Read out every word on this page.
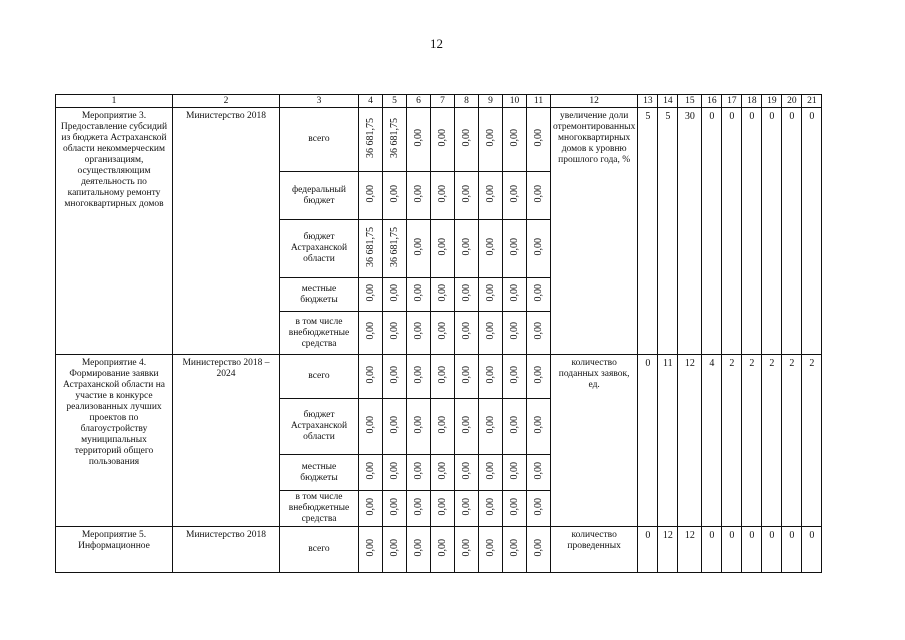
12
1	2	3	4	5	6	7	8	9	10	11	12	13	14	15	16	17	18	19	20	21
Мероприятие 3. Предоставление субсидий из бюджета Астраханской области некоммерческим организациям, осуществляющим деятельность по капитальному ремонту многоквартирных домов	Министерство 2018	всего	36 681,75	36 681,75	0,00	0,00	0,00	0,00	0,00	0,00	увеличение доли отремонтированных многоквартирных домов к уровню прошлого года, %	5	5	30	0	0	0	0	0	0
		федеральный бюджет	0,00	0,00	0,00	0,00	0,00	0,00	0,00	0,00										
		бюджет Астраханской области	36 681,75	36 681,75	0,00	0,00	0,00	0,00	0,00	0,00										
		местные бюджеты	0,00	0,00	0,00	0,00	0,00	0,00	0,00	0,00										
		в том числе внебюджетные средства	0,00	0,00	0,00	0,00	0,00	0,00	0,00	0,00										
Мероприятие 4. Формирование заявки Астраханской области на участие в конкурсе реализованных лучших проектов по благоустройству муниципальных территорий общего пользования	Министерство 2018 – 2024	всего	0,00	0,00	0,00	0,00	0,00	0,00	0,00	0,00	количество поданных заявок, ед.	0	11	12	4	2	2	2	2	2
		бюджет Астраханской области	0,00	0,00	0,00	0,00	0,00	0,00	0,00	0,00										
		местные бюджеты	0,00	0,00	0,00	0,00	0,00	0,00	0,00	0,00										
		в том числе внебюджетные средства	0,00	0,00	0,00	0,00	0,00	0,00	0,00	0,00										
Мероприятие 5. Информационное	Министерство 2018	всего	0,00	0,00	0,00	0,00	0,00	0,00	0,00	0,00	количество проведенных	0	12	12	0	0	0	0	0	0
